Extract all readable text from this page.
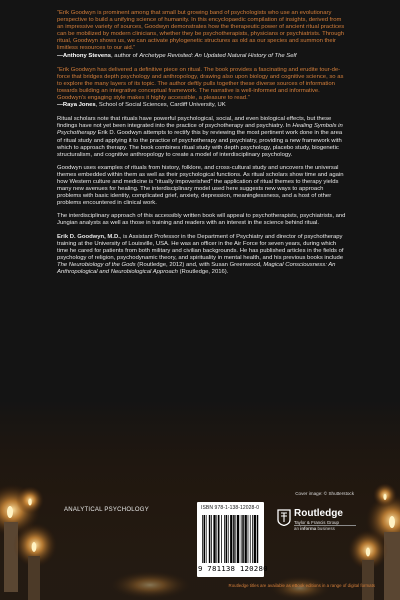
“Erik Goodwyn is prominent among that small but growing band of psychologists who use an evolutionary perspective to build a unifying science of humanity. In this encyclopaedic compilation of insights, derived from an impressive variety of sources, Goodwyn demonstrates how the therapeutic power of ancient ritual practices can be mobilized by modern clinicians, whether they be psychotherapists, physicians or psychiatrists. Through ritual, Goodwyn shows us, we can activate phylogenetic structures as old as our species and summon their limitless resources to our aid.”

—Anthony Stevens, author of Archetype Revisited: An Updated Natural History of The Self

“Erik Goodwyn has delivered a definitive piece on ritual. The book provides a fascinating and erudite tour-de-force that bridges depth psychology and anthropology, drawing also upon biology and cognitive science, so as to explore the many layers of its topic. The author deftly pulls together these diverse sources of information towards building an integrative conceptual framework. The narrative is well-informed and informative. Goodwyn's engaging style makes it highly accessible, a pleasure to read.”

—Raya Jones, School of Social Sciences, Cardiff University, UK

Ritual scholars note that rituals have powerful psychological, social, and even biological effects, but these findings have not yet been integrated into the practice of psychotherapy and psychiatry. In Healing Symbols in Psychotherapy Erik D. Goodwyn attempts to rectify this by reviewing the most pertinent work done in the area of ritual study and applying it to the practice of psychotherapy and psychiatry, providing a new framework with which to approach therapy. The book combines ritual study with depth psychology, placebo study, biogenetic structuralism, and cognitive anthropology to create a model of interdisciplinary psychology.

Goodwyn uses examples of rituals from history, folklore, and cross-cultural study and uncovers the universal themes embedded within them as well as their psychological functions. As ritual scholars show time and again how Western culture and medicine is “ritually impoverished” the application of ritual themes to therapy yields many new avenues for healing. The interdisciplinary model used here suggests new ways to approach problems with basic identity, complicated grief, anxiety, depression, meaninglessness, and a host of other problems encountered in clinical work.

The interdisciplinary approach of this accessibly written book will appeal to psychotherapists, psychiatrists, and Jungian analysts as well as those in training and readers with an interest in the science behind ritual.

Erik D. Goodwyn, M.D., is Assistant Professor in the Department of Psychiatry and director of psychotherapy training at the University of Louisville, USA. He was an officer in the Air Force for seven years, during which time he cared for patients from both military and civilian backgrounds. He has published articles in the fields of psychology of religion, psychodynamic theory, and spirituality in mental health, and his previous books include The Neurobiology of the Gods (Routledge, 2012) and, with Susan Greenwood, Magical Consciousness: An Anthropological and Neurobiological Approach (Routledge, 2016).

Cover image: © Shutterstock
ANALYTICAL PSYCHOLOGY	ISBN 978-1-138-12028-0
9 781138 120280
Routledge
Taylor & Francis Group
an informa business
Routledge titles are available as eBook editions in a range of digital formats
